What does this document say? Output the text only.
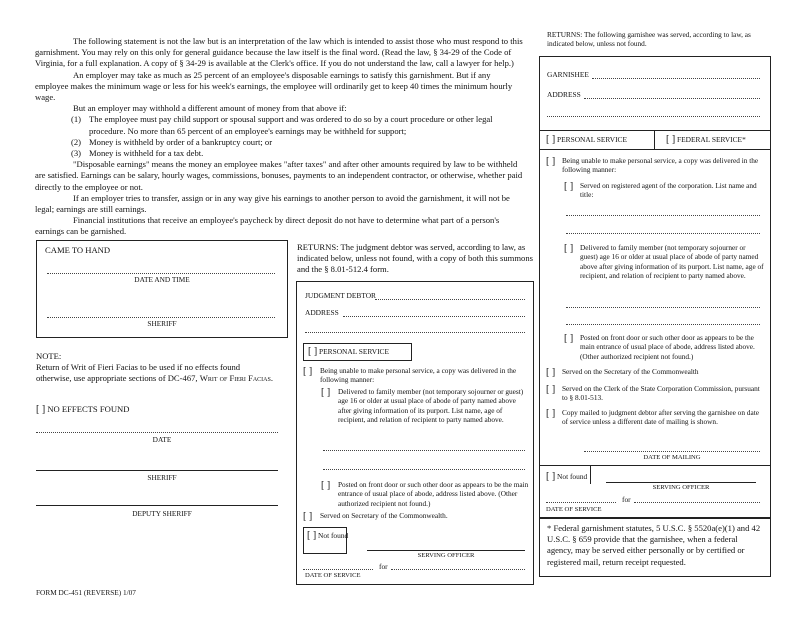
The following statement is not the law but is an interpretation of the law which is intended to assist those who must respond to this garnishment. You may rely on this only for general guidance because the law itself is the final word. (Read the law, § 34-29 of the Code of Virginia, for a full explanation. A copy of § 34-29 is available at the Clerk's office. If you do not understand the law, call a lawyer for help.)
An employer may take as much as 25 percent of an employee's disposable earnings to satisfy this garnishment. But if any employee makes the minimum wage or less for his week's earnings, the employee will ordinarily get to keep 40 times the minimum hourly wage.
But an employer may withhold a different amount of money from that above if:
(1) The employee must pay child support or spousal support and was ordered to do so by a court procedure or other legal procedure. No more than 65 percent of an employee's earnings may be withheld for support;
(2) Money is withheld by order of a bankruptcy court; or
(3) Money is withheld for a tax debt.
"Disposable earnings" means the money an employee makes "after taxes" and after other amounts required by law to be withheld are satisfied. Earnings can be salary, hourly wages, commissions, bonuses, payments to an independent contractor, or otherwise, whether paid directly to the employee or not.
If an employer tries to transfer, assign or in any way give his earnings to another person to avoid the garnishment, it will not be legal; earnings are still earnings.
Financial institutions that receive an employee's paycheck by direct deposit do not have to determine what part of a person's earnings can be garnished.
CAME TO HAND
DATE AND TIME
SHERIFF
NOTE:
Return of Writ of Fieri Facias to be used if no effects found otherwise, use appropriate sections of DC-467, Writ of Fieri Facias.
[ ] NO EFFECTS FOUND
DATE
SHERIFF
DEPUTY SHERIFF
FORM DC-451 (REVERSE) 1/07
RETURNS: The judgment debtor was served, according to law, as indicated below, unless not found, with a copy of both this summons and the § 8.01-512.4 form.
JUDGMENT DEBTOR
ADDRESS
[ ] PERSONAL SERVICE
[ ]	Being unable to make personal service, a copy was delivered in the following manner:
[ ]	Delivered to family member (not temporary sojourner or guest) age 16 or older at usual place of abode of party named above after giving information of its purport. List name, age of recipient, and relation of recipient to party named above.
[ ]	Posted on front door or such other door as appears to be the main entrance of usual place of abode, address listed above. (Other authorized recipient not found.)
[ ]	Served on Secretary of the Commonwealth.
[ ] Not found
SERVING OFFICER
for
DATE OF SERVICE
RETURNS: The following garnishee was served, according to law, as indicated below, unless not found.
GARNISHEE
ADDRESS
[ ] PERSONAL SERVICE	[ ] FEDERAL SERVICE*
[ ] Being unable to make personal service, a copy was delivered in the following manner:
[ ] Served on registered agent of the corporation. List name and title:
[ ] Delivered to family member (not temporary sojourner or guest) age 16 or older at usual place of abode of party named above after giving information of its purport. List name, age of recipient, and relation of recipient to party named above.
[ ] Posted on front door or such other door as appears to be the main entrance of usual place of abode, address listed above. (Other authorized recipient not found.)
[ ] Served on the Secretary of the Commonwealth
[ ] Served on the Clerk of the State Corporation Commission, pursuant to § 8.01-513.
[ ] Copy mailed to judgment debtor after serving the garnishee on date of service unless a different date of mailing is shown.
DATE OF MAILING
[ ] Not found
SERVING OFFICER
for
DATE OF SERVICE
* Federal garnishment statutes, 5 U.S.C. § 5520a(e)(1) and 42 U.S.C. § 659 provide that the garnishee, when a federal agency, may be served either personally or by certified or registered mail, return receipt requested.
